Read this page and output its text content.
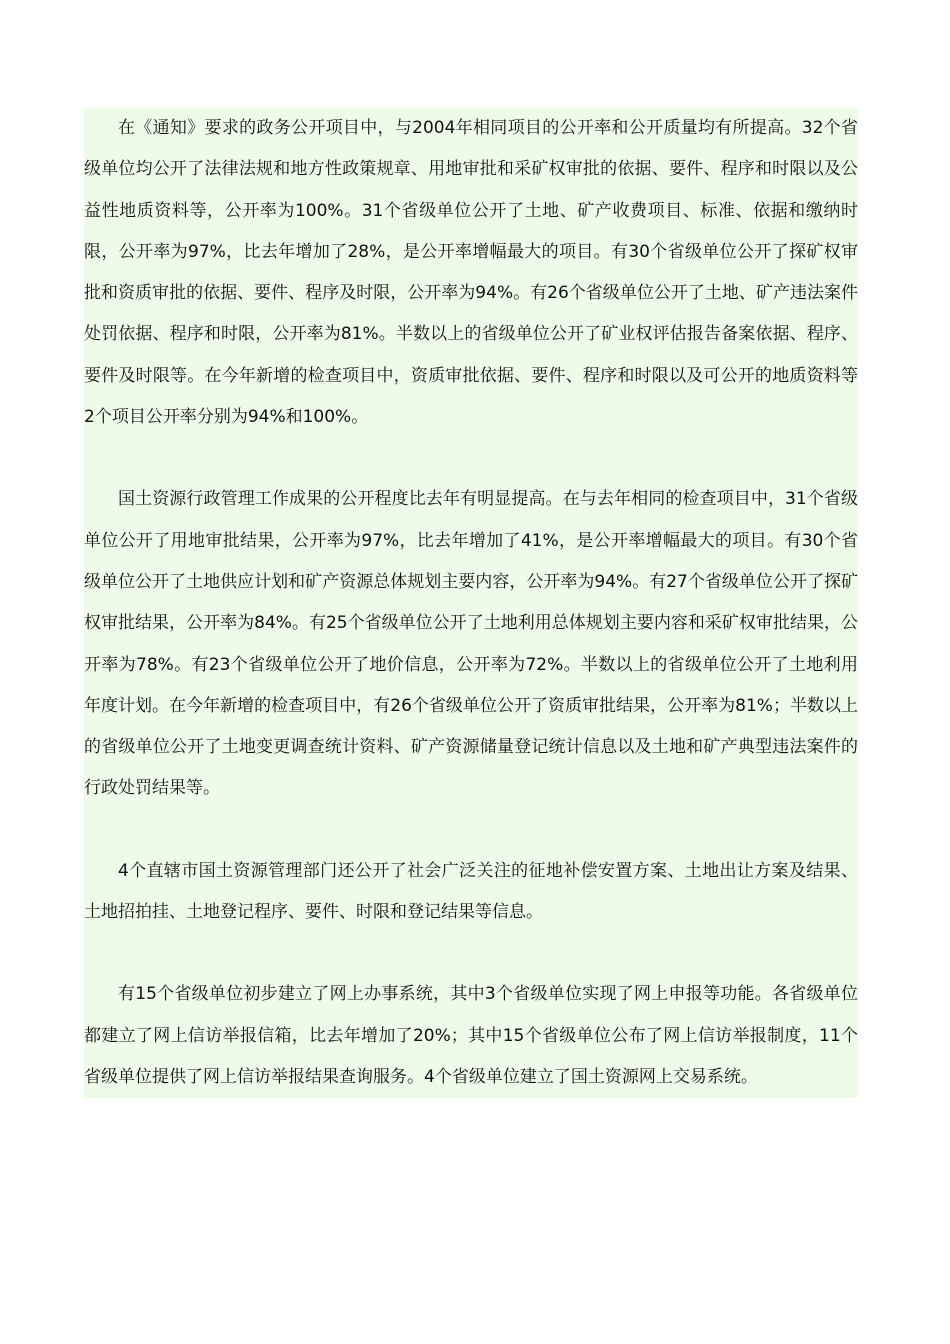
在《通知》要求的政务公开项目中，与2004年相同项目的公开率和公开质量均有所提高。32个省级单位均公开了法律法规和地方性政策规章、用地审批和采矿权审批的依据、要件、程序和时限以及公益性地质资料等，公开率为100%。31个省级单位公开了土地、矿产收费项目、标准、依据和缴纳时限，公开率为97%，比去年增加了28%，是公开率增幅最大的项目。有30个省级单位公开了探矿权审批和资质审批的依据、要件、程序及时限，公开率为94%。有26个省级单位公开了土地、矿产违法案件处罚依据、程序和时限，公开率为81%。半数以上的省级单位公开了矿业权评估报告备案依据、程序、要件及时限等。在今年新增的检查项目中，资质审批依据、要件、程序和时限以及可公开的地质资料等2个项目公开率分别为94%和100%。

国土资源行政管理工作成果的公开程度比去年有明显提高。在与去年相同的检查项目中，31个省级单位公开了用地审批结果，公开率为97%，比去年增加了41%，是公开率增幅最大的项目。有30个省级单位公开了土地供应计划和矿产资源总体规划主要内容，公开率为94%。有27个省级单位公开了探矿权审批结果，公开率为84%。有25个省级单位公开了土地利用总体规划主要内容和采矿权审批结果，公开率为78%。有23个省级单位公开了地价信息，公开率为72%。半数以上的省级单位公开了土地利用年度计划。在今年新增的检查项目中，有26个省级单位公开了资质审批结果，公开率为81%；半数以上的省级单位公开了土地变更调查统计资料、矿产资源储量登记统计信息以及土地和矿产典型违法案件的行政处罚结果等。

4个直辖市国土资源管理部门还公开了社会广泛关注的征地补偿安置方案、土地出让方案及结果、土地招拍挂、土地登记程序、要件、时限和登记结果等信息。

有15个省级单位初步建立了网上办事系统，其中3个省级单位实现了网上申报等功能。各省级单位都建立了网上信访举报信箱，比去年增加了20%；其中15个省级单位公布了网上信访举报制度，11个省级单位提供了网上信访举报结果查询服务。4个省级单位建立了国土资源网上交易系统。
